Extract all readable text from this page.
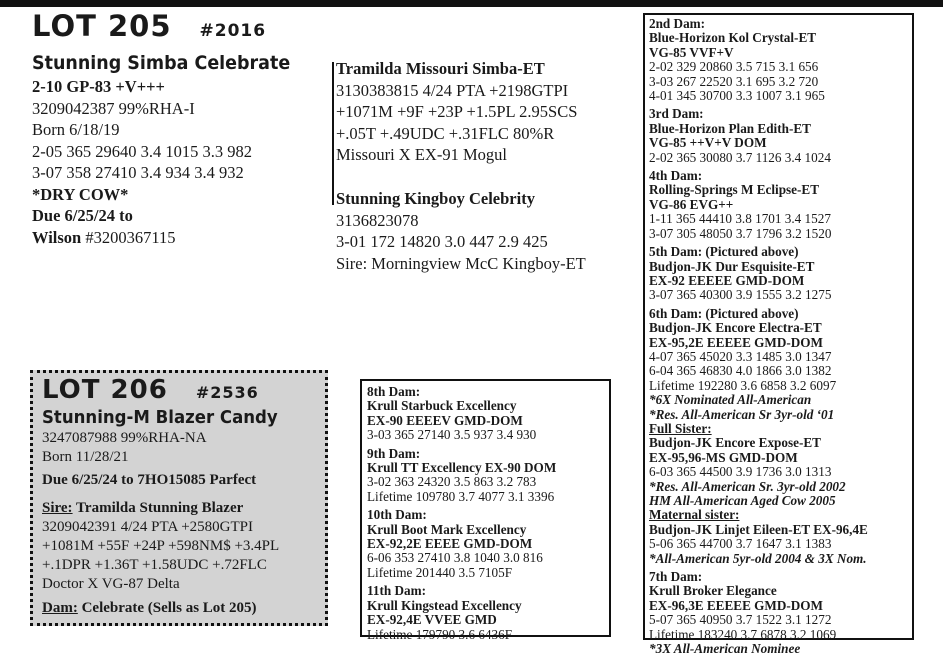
LOT 205 #2016
Stunning Simba Celebrate
2-10 GP-83 +V+++
3209042387 99%RHA-I
Born 6/18/19
2-05 365 29640 3.4 1015 3.3 982
3-07 358 27410 3.4 934 3.4 932
*DRY COW*
Due 6/25/24 to
Wilson #3200367115
Tramilda Missouri Simba-ET
3130383815 4/24 PTA +2198GTPI
+1071M +9F +23P +1.5PL 2.95SCS
+.05T +.49UDC +.31FLC 80%R
Missouri X EX-91 Mogul
Stunning Kingboy Celebrity
3136823078
3-01 172 14820 3.0 447 2.9 425
Sire: Morningview McC Kingboy-ET
2nd Dam:
Blue-Horizon Kol Crystal-ET
VG-85 VVF+V
2-02 329 20860 3.5 715 3.1 656
3-03 267 22520 3.1 695 3.2 720
4-01 345 30700 3.3 1007 3.1 965
3rd Dam:
Blue-Horizon Plan Edith-ET
VG-85 ++V+V DOM
2-02 365 30080 3.7 1126 3.4 1024
4th Dam:
Rolling-Springs M Eclipse-ET
VG-86 EVG++
1-11 365 44410 3.8 1701 3.4 1527
3-07 305 48050 3.7 1796 3.2 1520
5th Dam: (Pictured above)
Budjon-JK Dur Esquisite-ET
EX-92 EEEEE GMD-DOM
3-07 365 40300 3.9 1555 3.2 1275
6th Dam: (Pictured above)
Budjon-JK Encore Electra-ET
EX-95,2E EEEEE GMD-DOM
4-07 365 45020 3.3 1485 3.0 1347
6-04 365 46830 4.0 1866 3.0 1382
Lifetime 192280 3.6 6858 3.2 6097
*6X Nominated All-American
*Res. All-American Sr 3yr-old ‘01
Full Sister:
Budjon-JK Encore Expose-ET
EX-95,96-MS GMD-DOM
6-03 365 44500 3.9 1736 3.0 1313
*Res. All-American Sr. 3yr-old 2002
HM All-American Aged Cow 2005
Maternal sister:
Budjon-JK Linjet Eileen-ET EX-96,4E
5-06 365 44700 3.7 1647 3.1 1383
*All-American 5yr-old 2004 & 3X Nom.
7th Dam:
Krull Broker Elegance
EX-96,3E EEEEE GMD-DOM
5-07 365 40950 3.7 1522 3.1 1272
Lifetime 183240 3.7 6878 3.2 1069
*3X All-American Nominee
8th Dam:
Krull Starbuck Excellency
EX-90 EEEEV GMD-DOM
3-03 365 27140 3.5 937 3.4 930
9th Dam:
Krull TT Excellency EX-90 DOM
3-02 363 24320 3.5 863 3.2 783
Lifetime 109780 3.7 4077 3.1 3396
10th Dam:
Krull Boot Mark Excellency
EX-92,2E EEEE GMD-DOM
6-06 353 27410 3.8 1040 3.0 816
Lifetime 201440 3.5 7105F
11th Dam:
Krull Kingstead Excellency
EX-92,4E VVEE GMD
Lifetime 179790 3.6 6436F
LOT 206 #2536
Stunning-M Blazer Candy
3247087988 99%RHA-NA
Born 11/28/21
Due 6/25/24 to 7HO15085 Parfect
Sire: Tramilda Stunning Blazer
3209042391 4/24 PTA +2580GTPI
+1081M +55F +24P +598NM$ +3.4PL
+.1DPR +1.36T +1.58UDC +.72FLC
Doctor X VG-87 Delta
Dam: Celebrate (Sells as Lot 205)
